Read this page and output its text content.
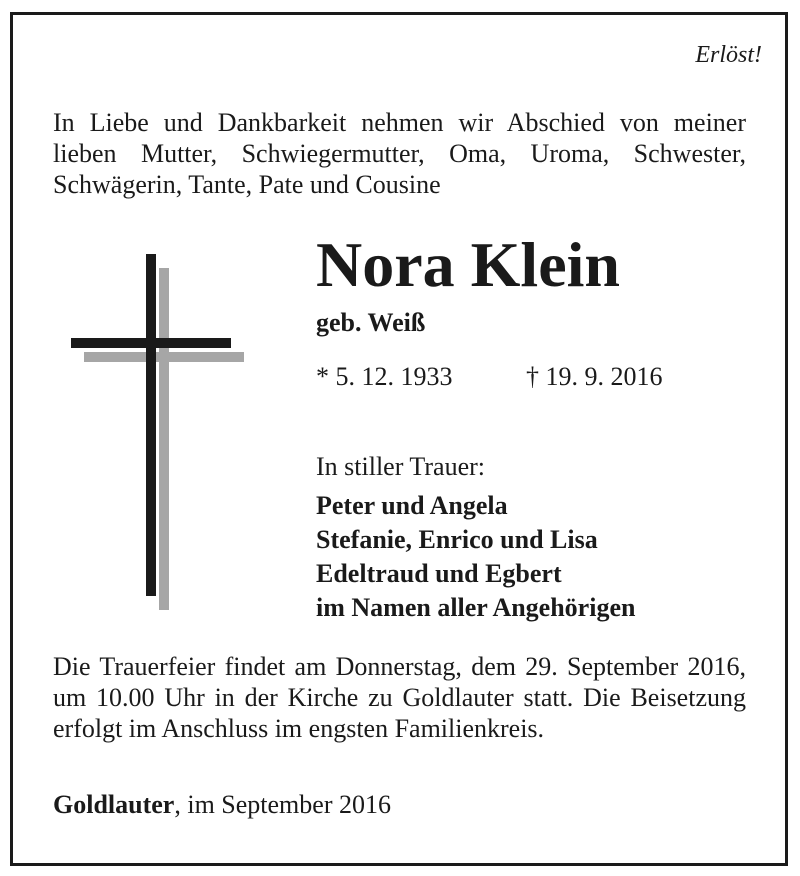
Erlöst!
In Liebe und Dankbarkeit nehmen wir Abschied von meiner lieben Mutter, Schwiegermutter, Oma, Uroma, Schwester, Schwägerin, Tante, Pate und Cousine
Nora Klein
geb. Weiß
* 5. 12. 1933	† 19. 9. 2016
In stiller Trauer:
Peter und Angela
Stefanie, Enrico und Lisa
Edeltraud und Egbert
im Namen aller Angehörigen
Die Trauerfeier findet am Donnerstag, dem 29. September 2016, um 10.00 Uhr in der Kirche zu Goldlauter statt. Die Beisetzung erfolgt im Anschluss im engsten Familienkreis.
Goldlauter, im September 2016
